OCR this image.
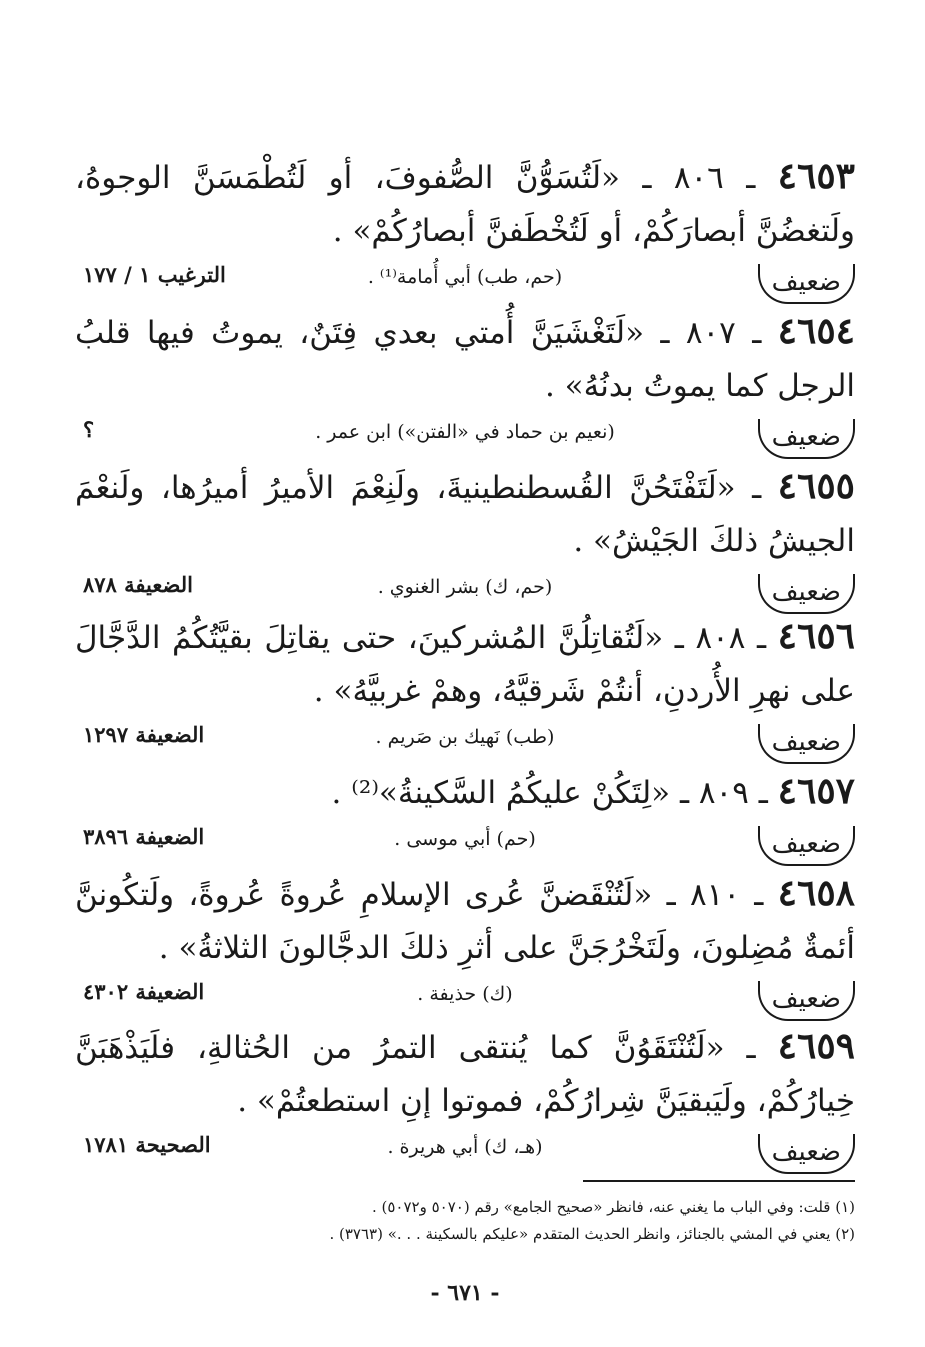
٤٦٥٣ ـ ٨٠٦ ـ «لَتُسَوُّنَّ الصُّفوفَ، أو لَتُطْمَسَنَّ الوجوهُ، ولَتغضُنَّ أبصارَكُمْ، أو لَتُخْطَفنَّ أبصارُكُمْ» .

ضعيف
(حم، طب) أبي أُمامة⁽¹⁾ .
الترغيب ١ / ١٧٧

٤٦٥٤ ـ ٨٠٧ ـ «لَتَغْشَيَنَّ أُمتي بعدي فِتَنٌ، يموتُ فيها قلبُ الرجل كما يموتُ بدنُهُ» .

ضعيف
(نعيم بن حماد في «الفتن») ابن عمر .
؟

٤٦٥٥ ـ «لَتَفْتَحُنَّ القُسطنطينيةَ، ولَنِعْمَ الأميرُ أميرُها، ولَنعْمَ الجيشُ ذلكَ الجَيْشُ» .

ضعيف
(حم، ك) بشر الغنوي .
الضعيفة ٨٧٨

٤٦٥٦ ـ ٨٠٨ ـ «لَتُقاتِلُنَّ المُشركينَ، حتى يقاتِلَ بقيَّتُكُمُ الدَّجَّالَ على نهرِ الأُردنِ، أنتُمْ شَرقيَّهُ، وهمْ غربيَّهُ» .

ضعيف
(طب) نَهيك بن صَريم .
الضعيفة ١٢٩٧

٤٦٥٧ ـ ٨٠٩ ـ «لِتَكُنْ عليكُمُ السَّكينةُ»⁽²⁾ .

ضعيف
(حم) أبي موسى .
الضعيفة ٣٨٩٦

٤٦٥٨ ـ ٨١٠ ـ «لَتُنْقَضنَّ عُرى الإسلامِ عُروةً عُروةً، ولَتكُوننَّ أئمةٌ مُضِلونَ، ولَتَخْرُجَنَّ على أثرِ ذلكَ الدجَّالونَ الثلاثةُ» .

ضعيف
(ك) حذيفة .
الضعيفة ٤٣٠٢

٤٦٥٩ ـ «لَتُنْتَقَوُنَّ كما يُنتقى التمرُ من الحُثالةِ، فلَيَذْهَبَنَّ خِيارُكُمْ، ولَيَبقيَنَّ شِرارُكُمْ، فموتوا إنِ استطعتُمْ» .

ضعيف
(هـ، ك) أبي هريرة .
الصحيحة ١٧٨١
(١) قلت: وفي الباب ما يغني عنه، فانظر «صحيح الجامع» رقم (٥٠٧٠ و٥٠٧٢) .
(٢) يعني في المشي بالجنائز، وانظر الحديث المتقدم «عليكم بالسكينة . . .» (٣٧٦٣) .
- ٦٧١ -
